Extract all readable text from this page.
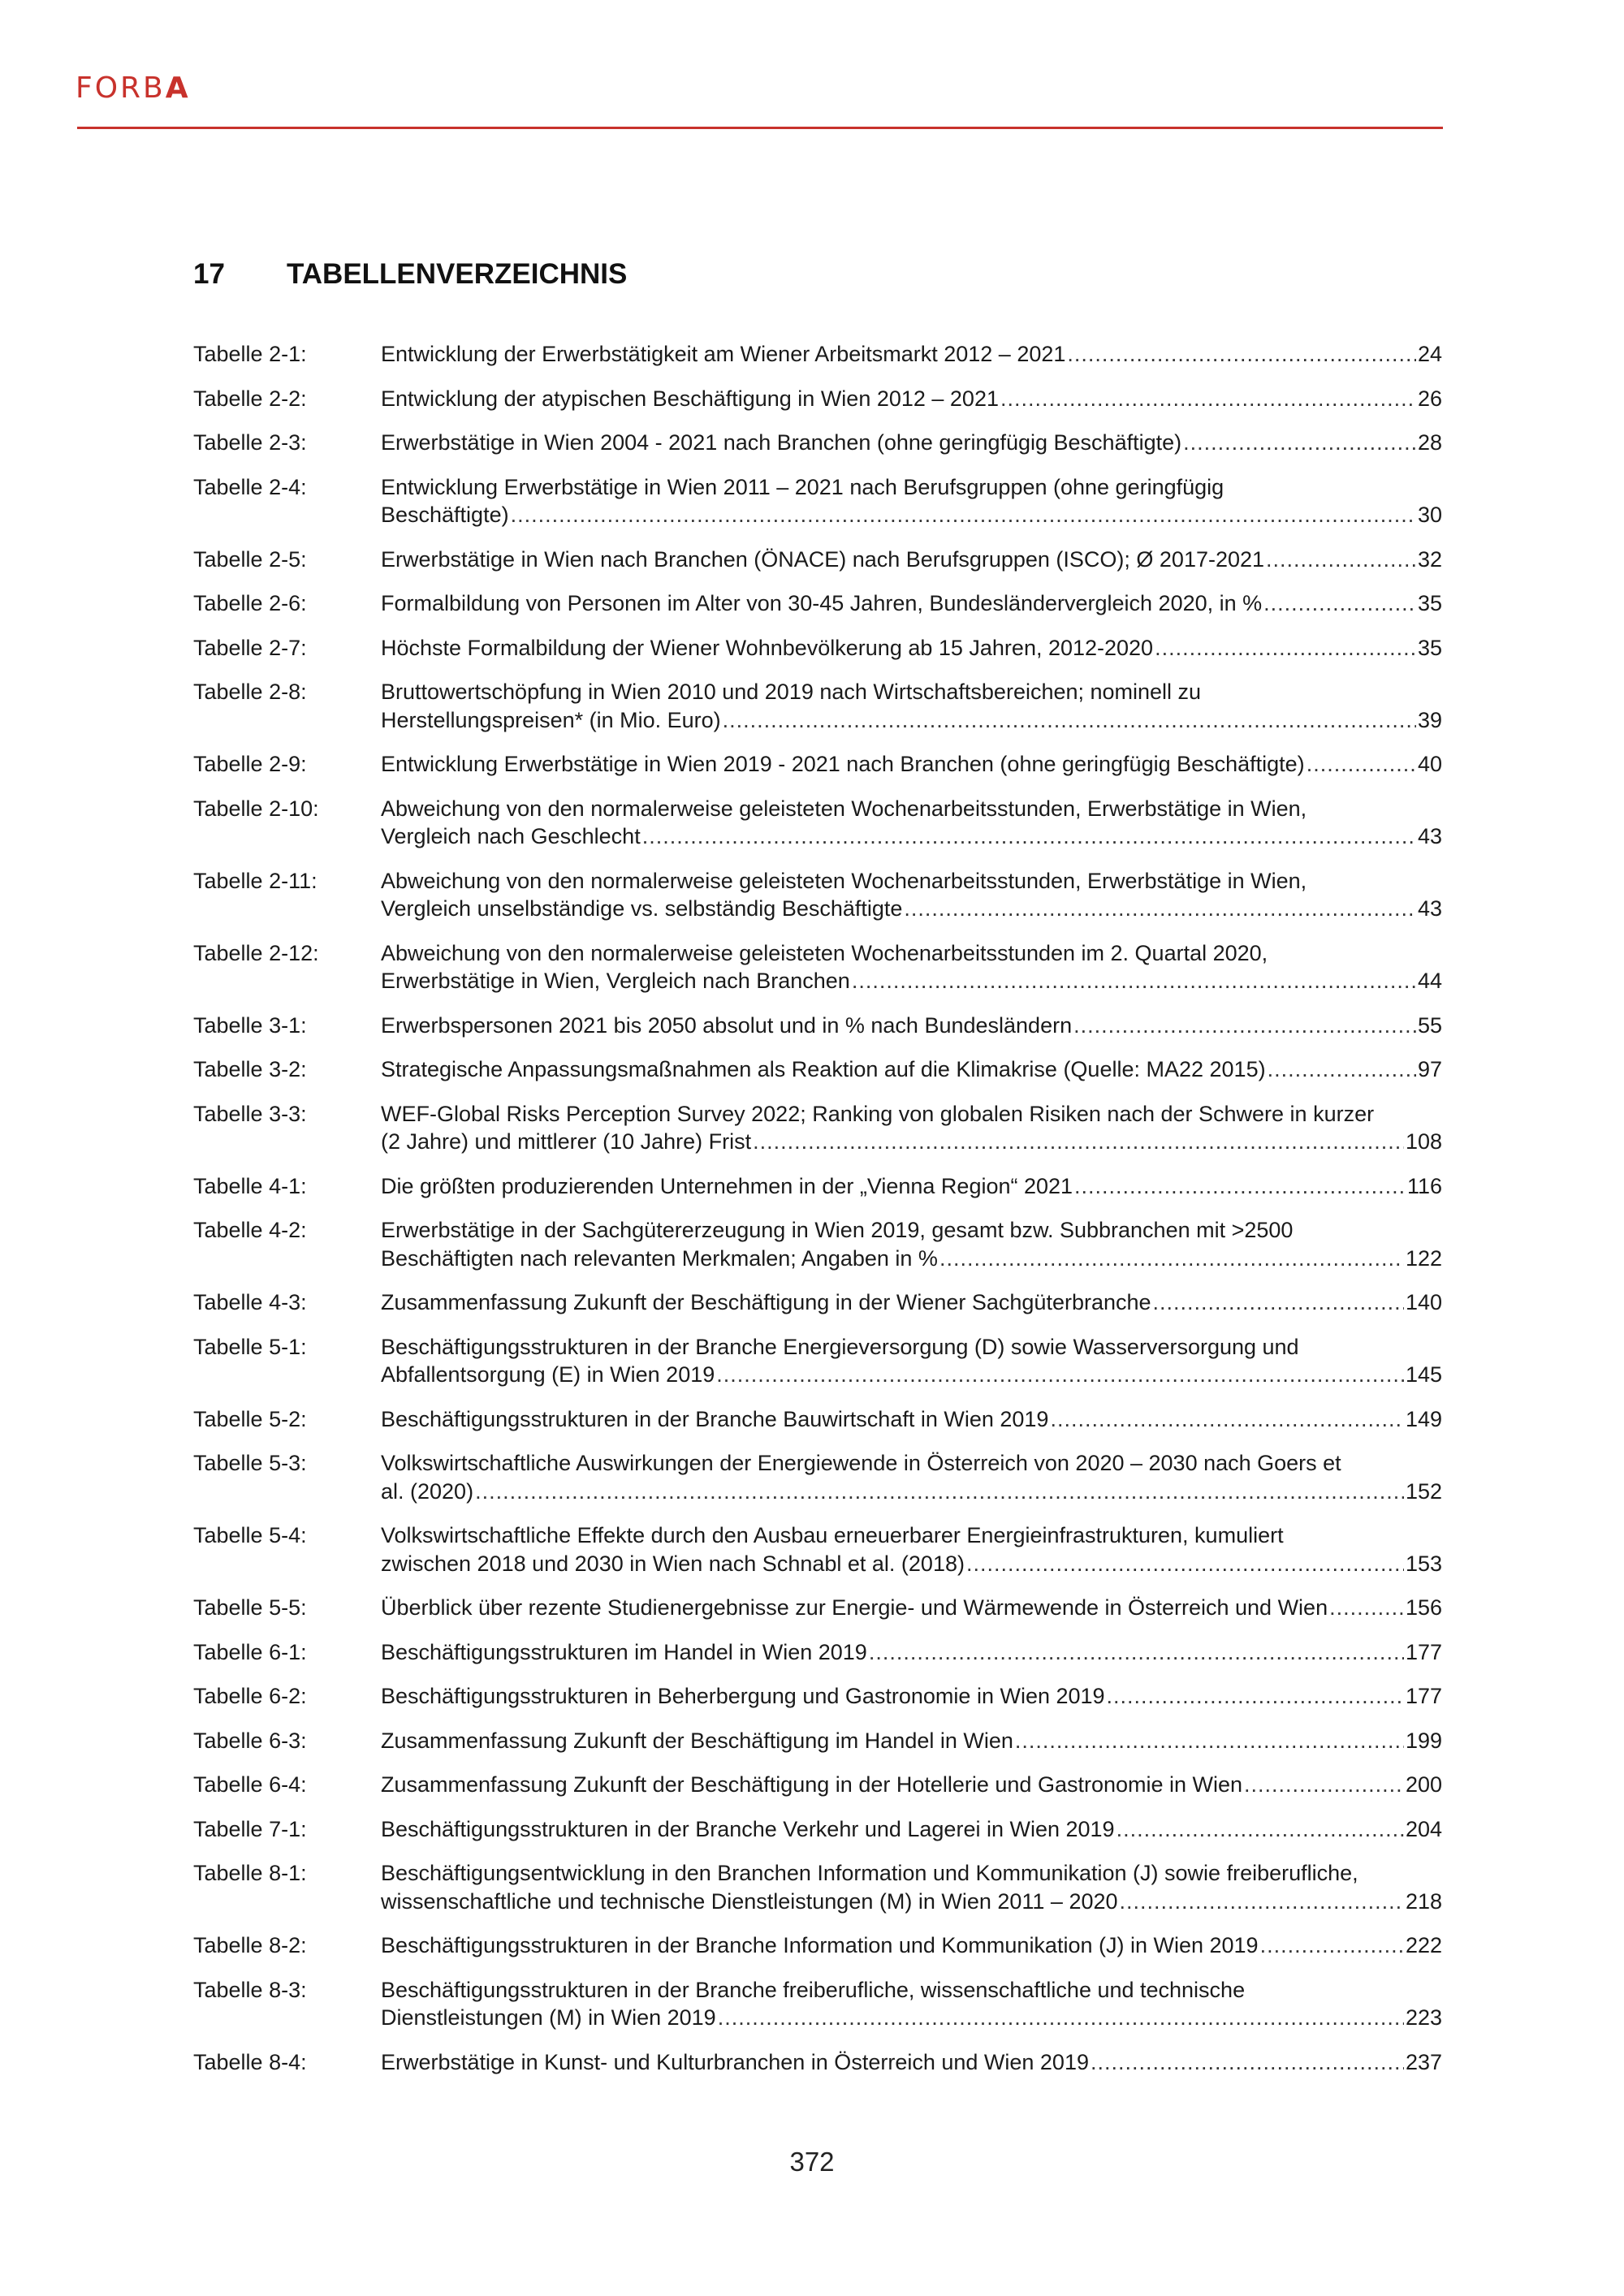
FORBA
17 TABELLENVERZEICHNIS
Tabelle 2-1:	Entwicklung der Erwerbstätigkeit am Wiener Arbeitsmarkt 2012 – 2021 .....	24
Tabelle 2-2:	Entwicklung der atypischen Beschäftigung in Wien 2012 – 2021 .....	26
Tabelle 2-3:	Erwerbstätige in Wien 2004 - 2021 nach Branchen (ohne geringfügig Beschäftigte) .....	28
Tabelle 2-4:	Entwicklung Erwerbstätige in Wien 2011 – 2021 nach Berufsgruppen (ohne geringfügig
Beschäftigte) .....	30
Tabelle 2-5:	Erwerbstätige in Wien nach Branchen (ÖNACE) nach Berufsgruppen (ISCO); Ø 2017-2021 .....	32
Tabelle 2-6:	Formalbildung von Personen im Alter von 30-45 Jahren, Bundesländervergleich 2020, in % .....	35
Tabelle 2-7:	Höchste Formalbildung der Wiener Wohnbevölkerung ab 15 Jahren, 2012-2020 .....	35
Tabelle 2-8:	Bruttowertschöpfung in Wien 2010 und 2019 nach Wirtschaftsbereichen; nominell zu
Herstellungspreisen* (in Mio. Euro) .....	39
Tabelle 2-9:	Entwicklung Erwerbstätige in Wien 2019 - 2021 nach Branchen (ohne geringfügig Beschäftigte) .....	40
Tabelle 2-10:	Abweichung von den normalerweise geleisteten Wochenarbeitsstunden, Erwerbstätige in Wien,
Vergleich nach Geschlecht .....	43
Tabelle 2-11:	Abweichung von den normalerweise geleisteten Wochenarbeitsstunden, Erwerbstätige in Wien,
Vergleich unselbständige vs. selbständig Beschäftigte .....	43
Tabelle 2-12:	Abweichung von den normalerweise geleisteten Wochenarbeitsstunden im 2. Quartal 2020,
Erwerbstätige in Wien, Vergleich nach Branchen .....	44
Tabelle 3-1:	Erwerbspersonen 2021 bis 2050 absolut und in % nach Bundesländern .....	55
Tabelle 3-2:	Strategische Anpassungsmaßnahmen als Reaktion auf die Klimakrise (Quelle: MA22 2015) .....	97
Tabelle 3-3:	WEF-Global Risks Perception Survey 2022; Ranking von globalen Risiken nach der Schwere in kurzer
(2 Jahre) und mittlerer (10 Jahre) Frist .....	108
Tabelle 4-1:	Die größten produzierenden Unternehmen in der „Vienna Region“ 2021 .....	116
Tabelle 4-2:	Erwerbstätige in der Sachgütererzeugung in Wien 2019, gesamt bzw. Subbranchen mit >2500
Beschäftigten nach relevanten Merkmalen; Angaben in % .....	122
Tabelle 4-3:	Zusammenfassung Zukunft der Beschäftigung in der Wiener Sachgüterbranche .....	140
Tabelle 5-1:	Beschäftigungsstrukturen in der Branche Energieversorgung (D) sowie Wasserversorgung und
Abfallentsorgung (E) in Wien 2019 .....	145
Tabelle 5-2:	Beschäftigungsstrukturen in der Branche Bauwirtschaft in Wien 2019 .....	149
Tabelle 5-3:	Volkswirtschaftliche Auswirkungen der Energiewende in Österreich von 2020 – 2030 nach Goers et
al. (2020) .....	152
Tabelle 5-4:	Volkswirtschaftliche Effekte durch den Ausbau erneuerbarer Energieinfrastrukturen, kumuliert
zwischen 2018 und 2030 in Wien nach Schnabl et al. (2018) .....	153
Tabelle 5-5:	Überblick über rezente Studienergebnisse zur Energie- und Wärmewende in Österreich und Wien .....	156
Tabelle 6-1:	Beschäftigungsstrukturen im Handel in Wien 2019 .....	177
Tabelle 6-2:	Beschäftigungsstrukturen in Beherbergung und Gastronomie in Wien 2019 .....	177
Tabelle 6-3:	Zusammenfassung Zukunft der Beschäftigung im Handel in Wien .....	199
Tabelle 6-4:	Zusammenfassung Zukunft der Beschäftigung in der Hotellerie und Gastronomie in Wien .....	200
Tabelle 7-1:	Beschäftigungsstrukturen in der Branche Verkehr und Lagerei in Wien 2019 .....	204
Tabelle 8-1:	Beschäftigungsentwicklung in den Branchen Information und Kommunikation (J) sowie freiberufliche,
wissenschaftliche und technische Dienstleistungen (M) in Wien 2011 – 2020 .....	218
Tabelle 8-2:	Beschäftigungsstrukturen in der Branche Information und Kommunikation (J) in Wien 2019 .....	222
Tabelle 8-3:	Beschäftigungsstrukturen in der Branche freiberufliche, wissenschaftliche und technische
Dienstleistungen (M) in Wien 2019 .....	223
Tabelle 8-4:	Erwerbstätige in Kunst- und Kulturbranchen in Österreich und Wien 2019 .....	237
372
